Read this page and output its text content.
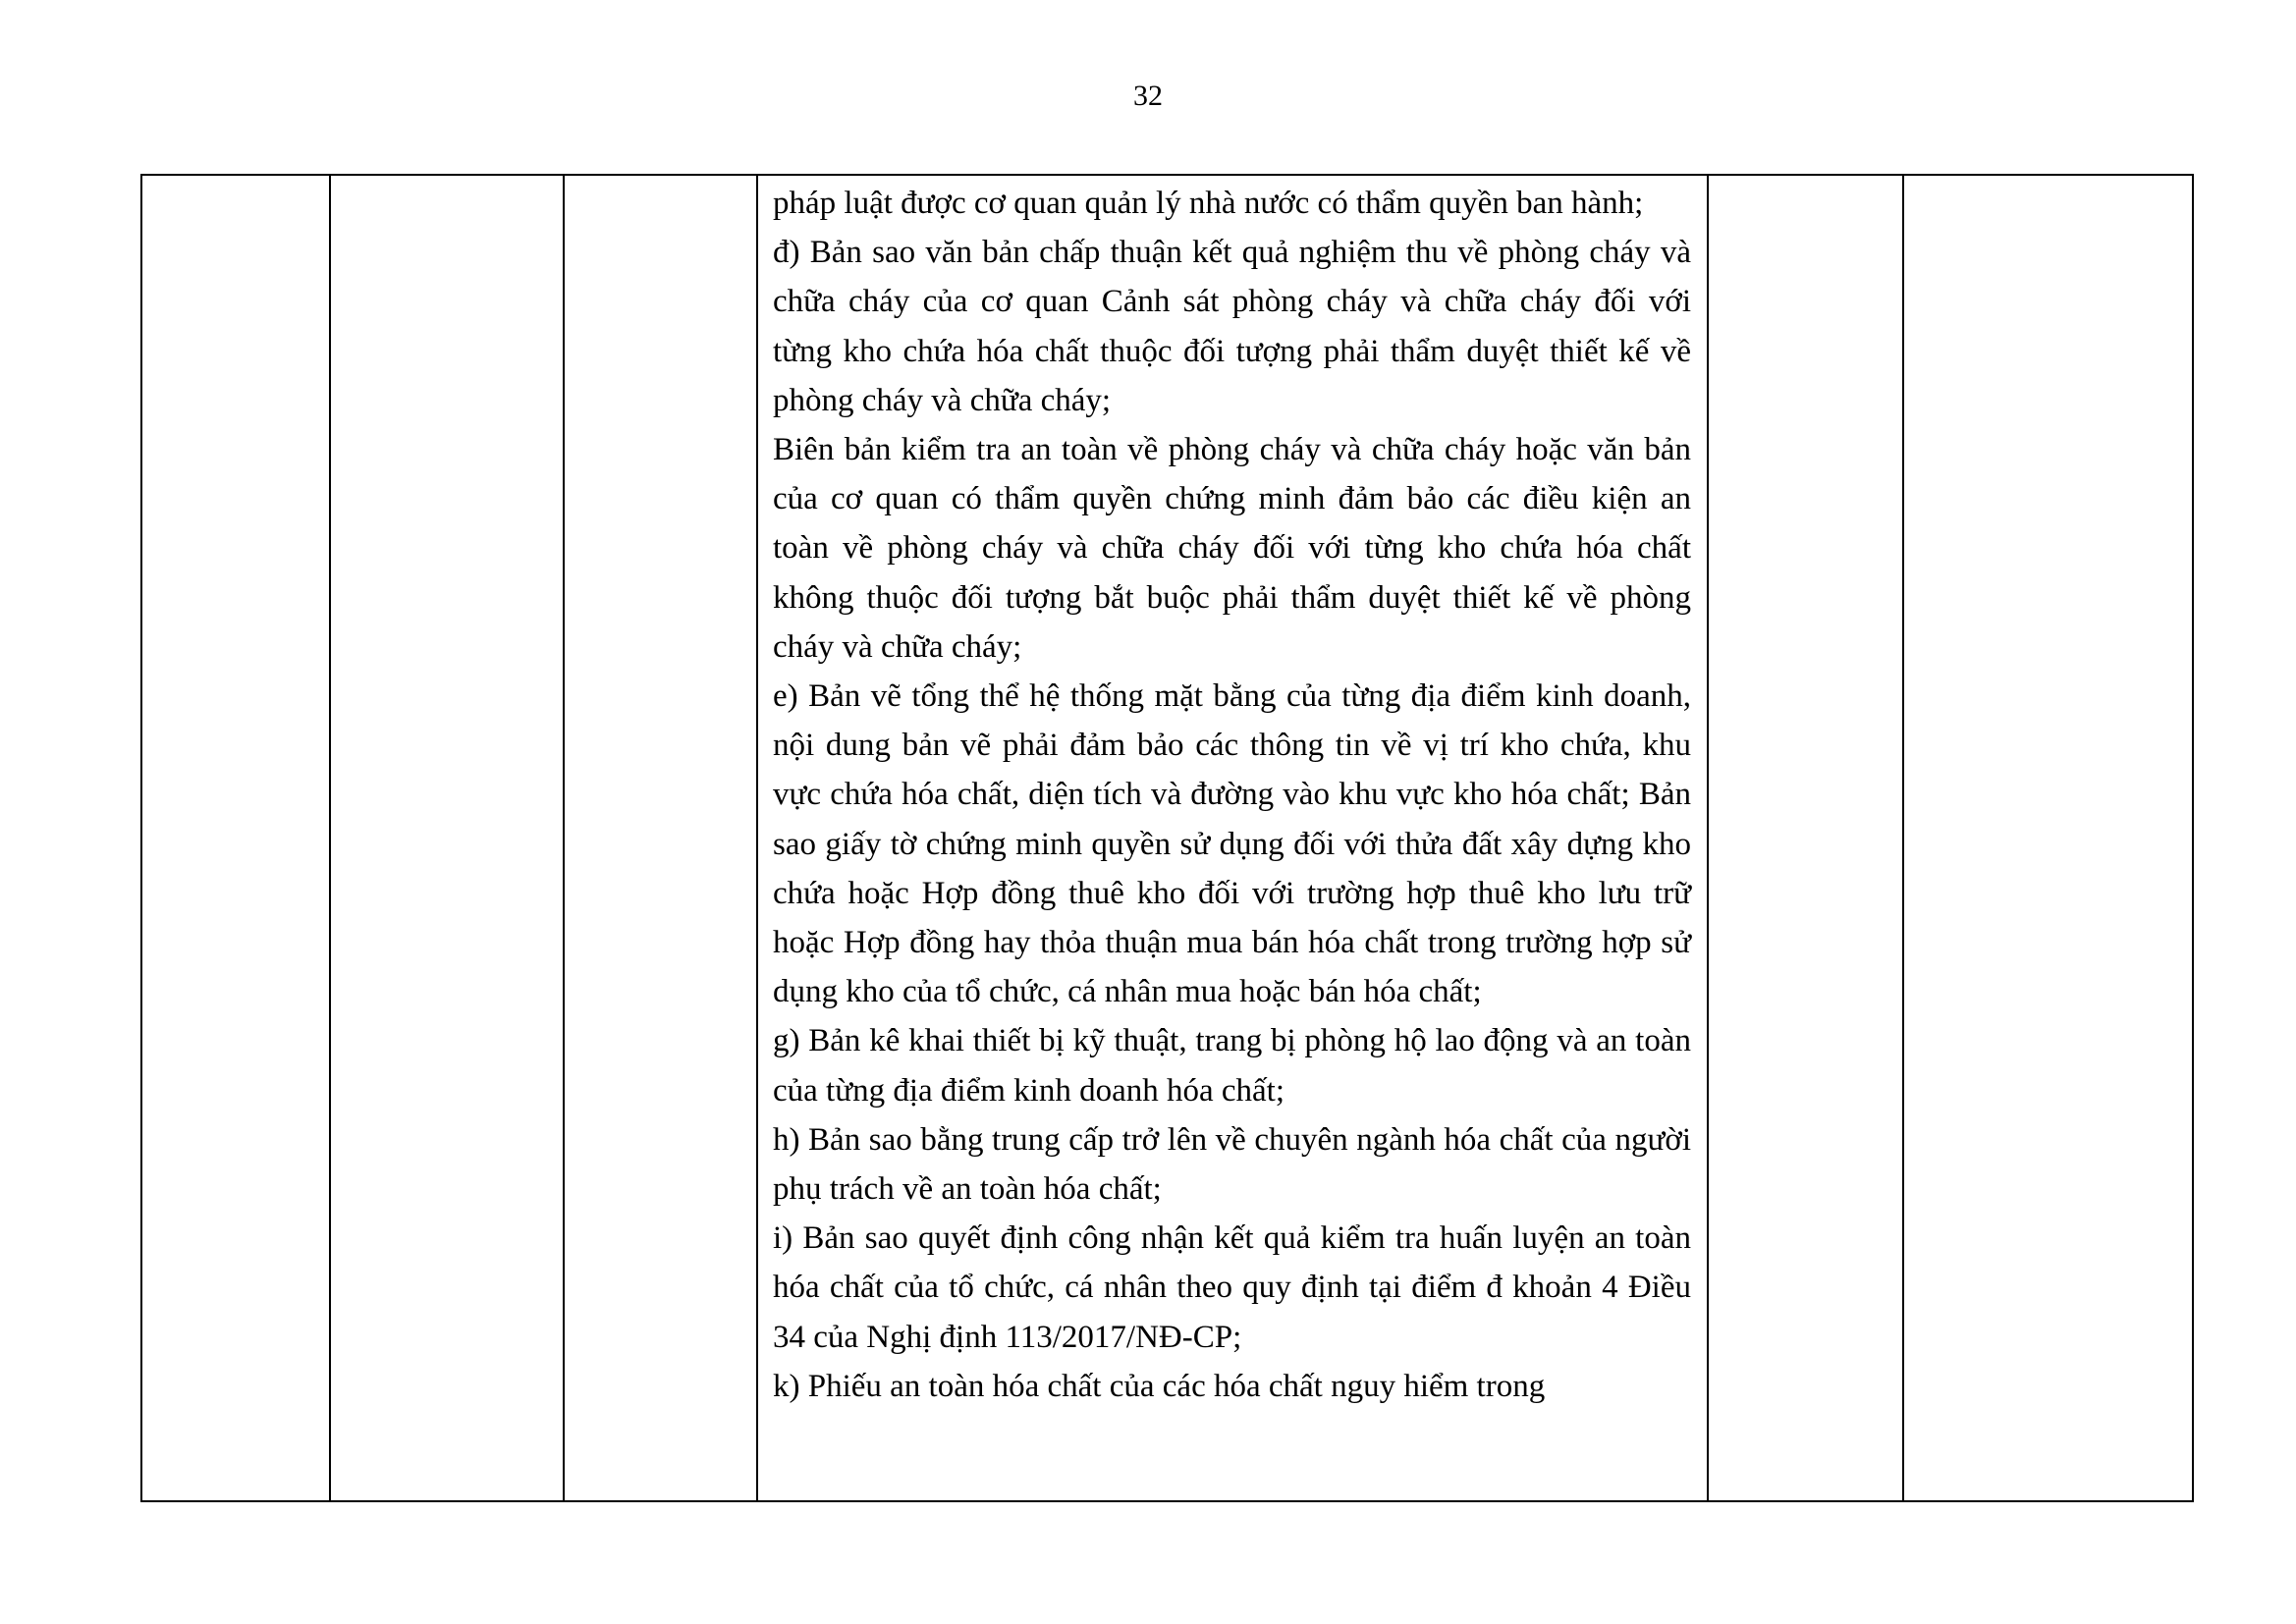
32

pháp luật được cơ quan quản lý nhà nước có thẩm quyền ban hành;

đ) Bản sao văn bản chấp thuận kết quả nghiệm thu về phòng cháy và chữa cháy của cơ quan Cảnh sát phòng cháy và chữa cháy đối với từng kho chứa hóa chất thuộc đối tượng phải thẩm duyệt thiết kế về phòng cháy và chữa cháy;

Biên bản kiểm tra an toàn về phòng cháy và chữa cháy hoặc văn bản của cơ quan có thẩm quyền chứng minh đảm bảo các điều kiện an toàn về phòng cháy và chữa cháy đối với từng kho chứa hóa chất không thuộc đối tượng bắt buộc phải thẩm duyệt thiết kế về phòng cháy và chữa cháy;

e) Bản vẽ tổng thể hệ thống mặt bằng của từng địa điểm kinh doanh, nội dung bản vẽ phải đảm bảo các thông tin về vị trí kho chứa, khu vực chứa hóa chất, diện tích và đường vào khu vực kho hóa chất; Bản sao giấy tờ chứng minh quyền sử dụng đối với thửa đất xây dựng kho chứa hoặc Hợp đồng thuê kho đối với trường hợp thuê kho lưu trữ hoặc Hợp đồng hay thỏa thuận mua bán hóa chất trong trường hợp sử dụng kho của tổ chức, cá nhân mua hoặc bán hóa chất;

g) Bản kê khai thiết bị kỹ thuật, trang bị phòng hộ lao động và an toàn của từng địa điểm kinh doanh hóa chất;

h) Bản sao bằng trung cấp trở lên về chuyên ngành hóa chất của người phụ trách về an toàn hóa chất;

i) Bản sao quyết định công nhận kết quả kiểm tra huấn luyện an toàn hóa chất của tổ chức, cá nhân theo quy định tại điểm đ khoản 4 Điều 34 của Nghị định 113/2017/NĐ-CP;

k) Phiếu an toàn hóa chất của các hóa chất nguy hiểm trong
